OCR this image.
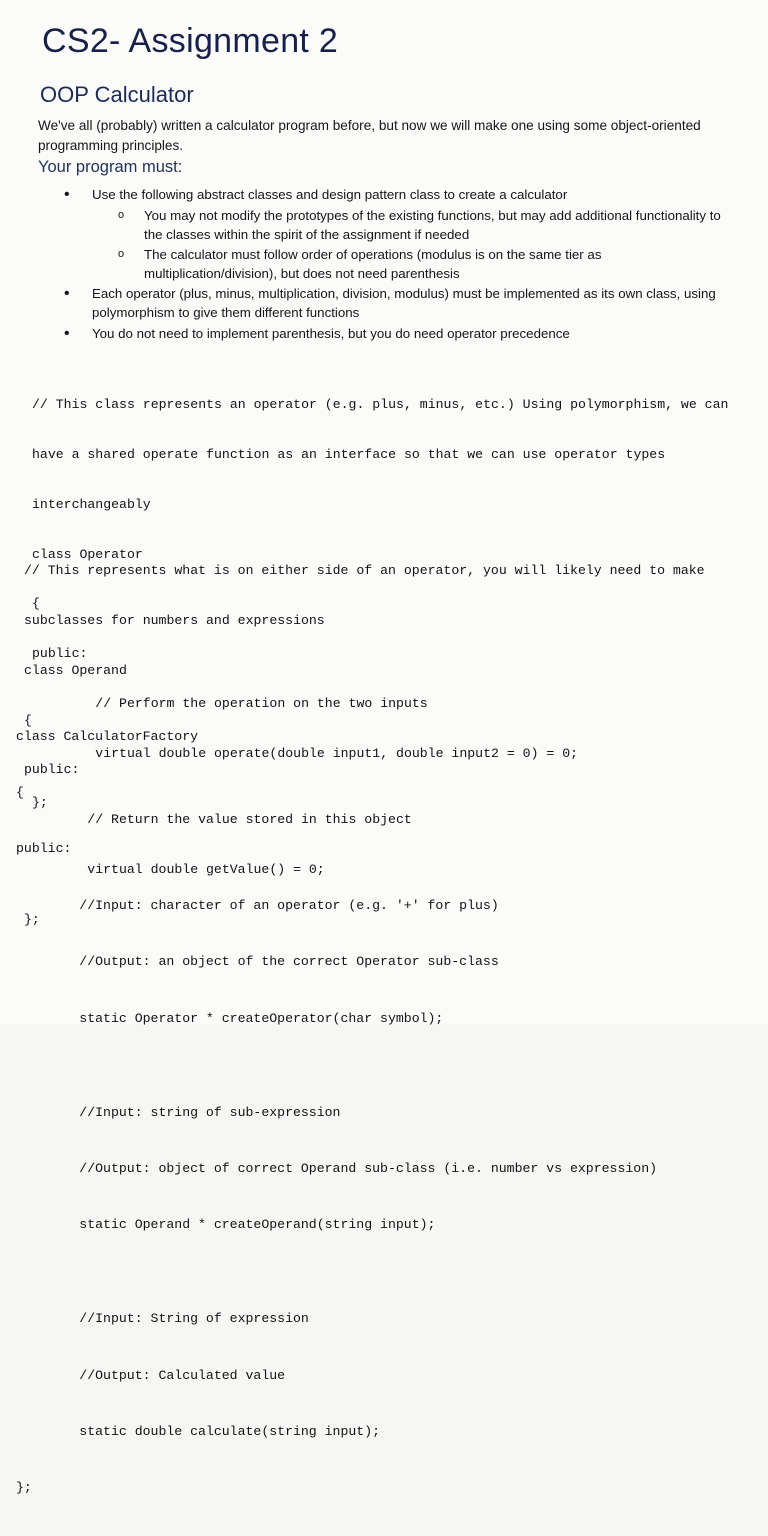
CS2- Assignment 2
OOP Calculator
We've all (probably) written a calculator program before, but now we will make one using some object-oriented programming principles.
Your program must:
• Use the following abstract classes and design pattern class to create a calculator
o You may not modify the prototypes of the existing functions, but may add additional functionality to the classes within the spirit of the assignment if needed
o The calculator must follow order of operations (modulus is on the same tier as multiplication/division), but does not need parenthesis
• Each operator (plus, minus, multiplication, division, modulus) must be implemented as its own class, using polymorphism to give them different functions
• You do not need to implement parenthesis, but you do need operator precedence

// This class represents an operator (e.g. plus, minus, etc.) Using polymorphism, we can

have a shared operate function as an interface so that we can use operator types

interchangeably

class Operator

{

public:

// Perform the operation on the two inputs

virtual double operate(double input1, double input2 = 0) = 0;

};

// This represents what is on either side of an operator, you will likely need to make

subclasses for numbers and expressions

class Operand

{

public:

// Return the value stored in this object

virtual double getValue() = 0;

};

class CalculatorFactory

{

public:

//Input: character of an operator (e.g. '+' for plus)

//Output: an object of the correct Operator sub-class

static Operator * createOperator(char symbol);

//Input: string of sub-expression

//Output: object of correct Operand sub-class (i.e. number vs expression)

static Operand * createOperand(string input);

//Input: String of expression

//Output: Calculated value

static double calculate(string input);

};
